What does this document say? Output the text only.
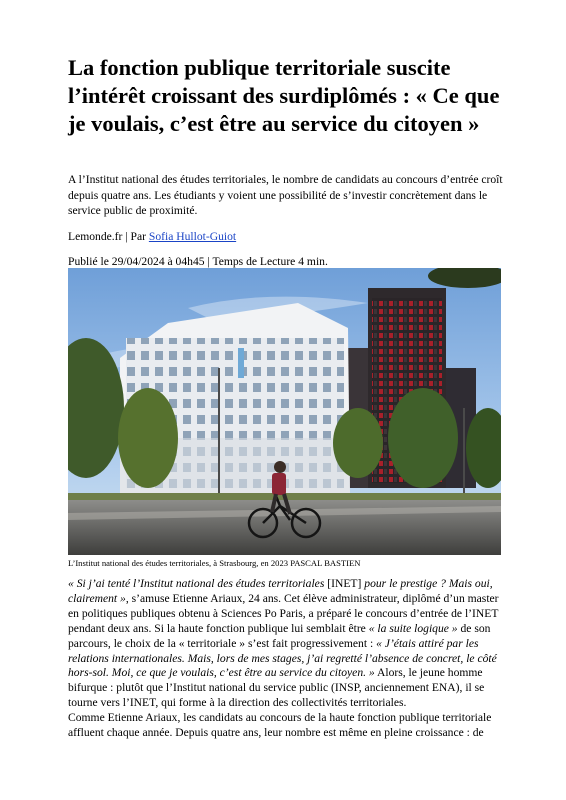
La fonction publique territoriale suscite l’intérêt croissant des surdiplômés : « Ce que je voulais, c’est être au service du citoyen »

A l’Institut national des études territoriales, le nombre de candidats au concours d’entrée croît depuis quatre ans. Les étudiants y voient une possibilité de s’investir concrètement dans le service public de proximité.

Lemonde.fr | Par Sofia Hullot-Guiot

Publié le 29/04/2024 à 04h45 | Temps de Lecture 4 min.

L’Institut national des études territoriales, à Strasbourg, en 2023 PASCAL BASTIEN

« Si j’ai tenté l’Institut national des études territoriales [INET] pour le prestige ? Mais oui, clairement », s’amuse Etienne Ariaux, 24 ans. Cet élève administrateur, diplômé d’un master en politiques publiques obtenu à Sciences Po Paris, a préparé le concours d’entrée de l’INET pendant deux ans. Si la haute fonction publique lui semblait être « la suite logique » de son parcours, le choix de la « territoriale » s’est fait progressivement : « J’étais attiré par les relations internationales. Mais, lors de mes stages, j’ai regretté l’absence de concret, le côté hors-sol. Moi, ce que je voulais, c’est être au service du citoyen. » Alors, le jeune homme bifurque : plutôt que l’Institut national du service public (INSP, anciennement ENA), il se tourne vers l’INET, qui forme à la direction des collectivités territoriales.

Comme Etienne Ariaux, les candidats au concours de la haute fonction publique territoriale affluent chaque année. Depuis quatre ans, leur nombre est même en pleine croissance : de
